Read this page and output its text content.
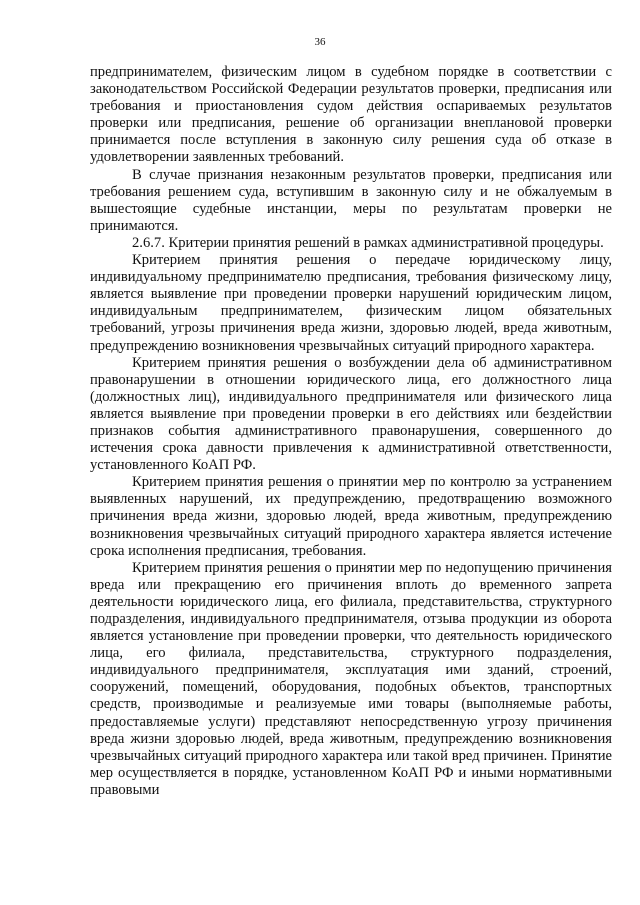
36

предпринимателем, физическим лицом в судебном порядке в соответствии с законодательством Российской Федерации результатов проверки, предписания или требования и приостановления судом действия оспариваемых результатов проверки или предписания, решение об организации внеплановой проверки принимается после вступления в законную силу решения суда об отказе в удовлетворении заявленных требований.

В случае признания незаконным результатов проверки, предписания или требования решением суда, вступившим в законную силу и не обжалуемым в вышестоящие судебные инстанции, меры по результатам проверки не принимаются.

2.6.7. Критерии принятия решений в рамках административной процедуры.

Критерием принятия решения о передаче юридическому лицу, индивидуальному предпринимателю предписания, требования физическому лицу, является выявление при проведении проверки нарушений юридическим лицом, индивидуальным предпринимателем, физическим лицом обязательных требований, угрозы причинения вреда жизни, здоровью людей, вреда животным, предупреждению возникновения чрезвычайных ситуаций природного характера.

Критерием принятия решения о возбуждении дела об административном правонарушении в отношении юридического лица, его должностного лица (должностных лиц), индивидуального предпринимателя или физического лица является выявление при проведении проверки в его действиях или бездействии признаков события административного правонарушения, совершенного до истечения срока давности привлечения к административной ответственности, установленного КоАП РФ.

Критерием принятия решения о принятии мер по контролю за устранением выявленных нарушений, их предупреждению, предотвращению возможного причинения вреда жизни, здоровью людей, вреда животным, предупреждению возникновения чрезвычайных ситуаций природного характера является истечение срока исполнения предписания, требования.

Критерием принятия решения о принятии мер по недопущению причинения вреда или прекращению его причинения вплоть до временного запрета деятельности юридического лица, его филиала, представительства, структурного подразделения, индивидуального предпринимателя, отзыва продукции из оборота является установление при проведении проверки, что деятельность юридического лица, его филиала, представительства, структурного подразделения, индивидуального предпринимателя, эксплуатация ими зданий, строений, сооружений, помещений, оборудования, подобных объектов, транспортных средств, производимые и реализуемые ими товары (выполняемые работы, предоставляемые услуги) представляют непосредственную угрозу причинения вреда жизни здоровью людей, вреда животным, предупреждению возникновения чрезвычайных ситуаций природного характера или такой вред причинен. Принятие мер осуществляется в порядке, установленном КоАП РФ и иными нормативными правовыми
